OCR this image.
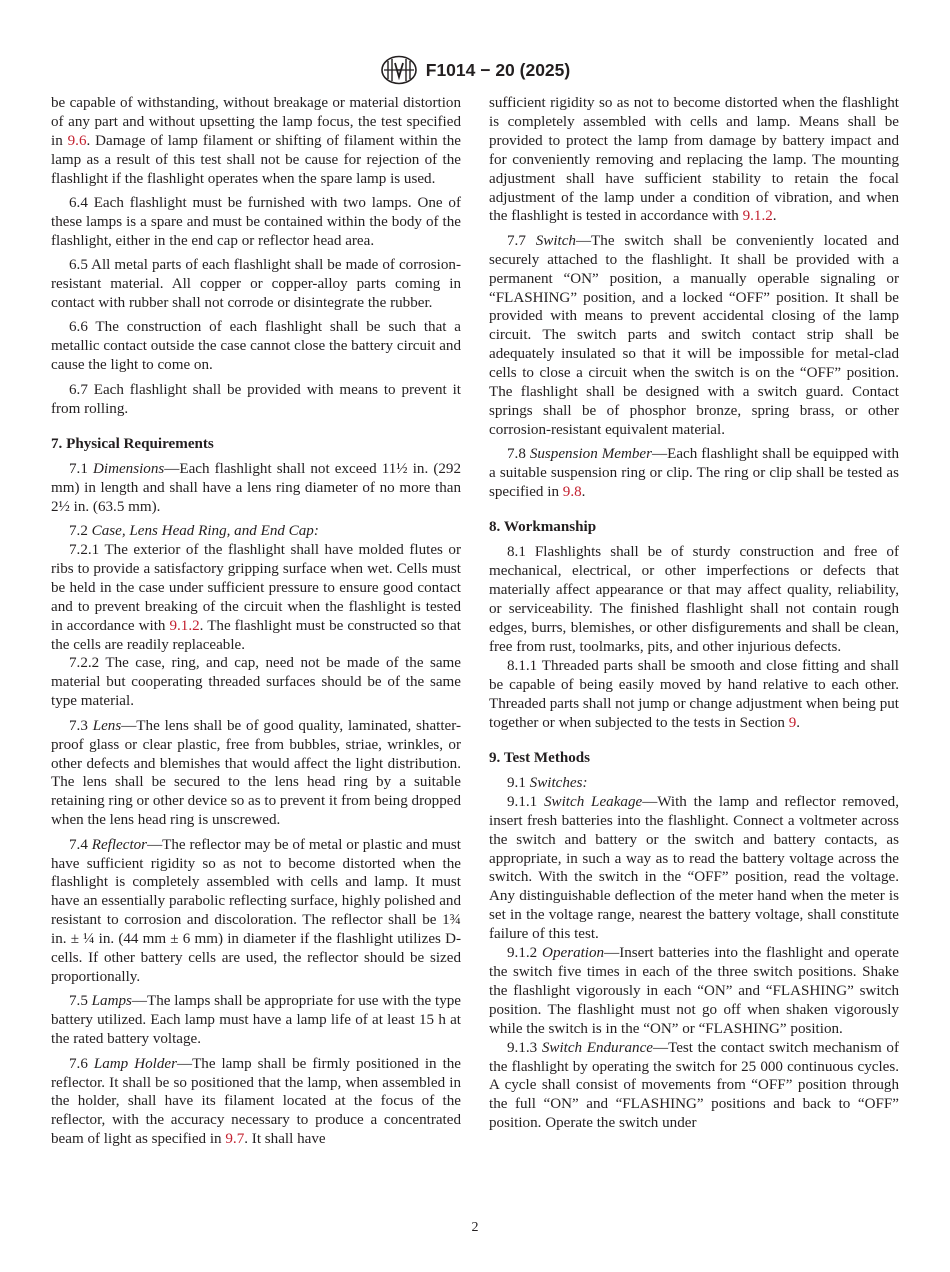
F1014 − 20 (2025)

be capable of withstanding, without breakage or material distortion of any part and without upsetting the lamp focus, the test specified in 9.6. Damage of lamp filament or shifting of filament within the lamp as a result of this test shall not be cause for rejection of the flashlight if the flashlight operates when the spare lamp is used.

6.4 Each flashlight must be furnished with two lamps. One of these lamps is a spare and must be contained within the body of the flashlight, either in the end cap or reflector head area.

6.5 All metal parts of each flashlight shall be made of corrosion-resistant material. All copper or copper-alloy parts coming in contact with rubber shall not corrode or disintegrate the rubber.

6.6 The construction of each flashlight shall be such that a metallic contact outside the case cannot close the battery circuit and cause the light to come on.

6.7 Each flashlight shall be provided with means to prevent it from rolling.

7. Physical Requirements

7.1 Dimensions—Each flashlight shall not exceed 11½ in. (292 mm) in length and shall have a lens ring diameter of no more than 2½ in. (63.5 mm).

7.2 Case, Lens Head Ring, and End Cap:

7.2.1 The exterior of the flashlight shall have molded flutes or ribs to provide a satisfactory gripping surface when wet. Cells must be held in the case under sufficient pressure to ensure good contact and to prevent breaking of the circuit when the flashlight is tested in accordance with 9.1.2. The flashlight must be constructed so that the cells are readily replaceable.

7.2.2 The case, ring, and cap, need not be made of the same material but cooperating threaded surfaces should be of the same type material.

7.3 Lens—The lens shall be of good quality, laminated, shatter-proof glass or clear plastic, free from bubbles, striae, wrinkles, or other defects and blemishes that would affect the light distribution. The lens shall be secured to the lens head ring by a suitable retaining ring or other device so as to prevent it from being dropped when the lens head ring is unscrewed.

7.4 Reflector—The reflector may be of metal or plastic and must have sufficient rigidity so as not to become distorted when the flashlight is completely assembled with cells and lamp. It must have an essentially parabolic reflecting surface, highly polished and resistant to corrosion and discoloration. The reflector shall be 1¾ in. ± ¼ in. (44 mm ± 6 mm) in diameter if the flashlight utilizes D-cells. If other battery cells are used, the reflector should be sized proportionally.

7.5 Lamps—The lamps shall be appropriate for use with the type battery utilized. Each lamp must have a lamp life of at least 15 h at the rated battery voltage.

7.6 Lamp Holder—The lamp shall be firmly positioned in the reflector. It shall be so positioned that the lamp, when assembled in the holder, shall have its filament located at the focus of the reflector, with the accuracy necessary to produce a concentrated beam of light as specified in 9.7. It shall have

sufficient rigidity so as not to become distorted when the flashlight is completely assembled with cells and lamp. Means shall be provided to protect the lamp from damage by battery impact and for conveniently removing and replacing the lamp. The mounting adjustment shall have sufficient stability to retain the focal adjustment of the lamp under a condition of vibration, and when the flashlight is tested in accordance with 9.1.2.

7.7 Switch—The switch shall be conveniently located and securely attached to the flashlight. It shall be provided with a permanent “ON” position, a manually operable signaling or “FLASHING” position, and a locked “OFF” position. It shall be provided with means to prevent accidental closing of the lamp circuit. The switch parts and switch contact strip shall be adequately insulated so that it will be impossible for metal-clad cells to close a circuit when the switch is on the “OFF” position. The flashlight shall be designed with a switch guard. Contact springs shall be of phosphor bronze, spring brass, or other corrosion-resistant equivalent material.

7.8 Suspension Member—Each flashlight shall be equipped with a suitable suspension ring or clip. The ring or clip shall be tested as specified in 9.8.

8. Workmanship

8.1 Flashlights shall be of sturdy construction and free of mechanical, electrical, or other imperfections or defects that materially affect appearance or that may affect quality, reliability, or serviceability. The finished flashlight shall not contain rough edges, burrs, blemishes, or other disfigurements and shall be clean, free from rust, toolmarks, pits, and other injurious defects.

8.1.1 Threaded parts shall be smooth and close fitting and shall be capable of being easily moved by hand relative to each other. Threaded parts shall not jump or change adjustment when being put together or when subjected to the tests in Section 9.

9. Test Methods

9.1 Switches:

9.1.1 Switch Leakage—With the lamp and reflector removed, insert fresh batteries into the flashlight. Connect a voltmeter across the switch and battery or the switch and battery contacts, as appropriate, in such a way as to read the battery voltage across the switch. With the switch in the “OFF” position, read the voltage. Any distinguishable deflection of the meter hand when the meter is set in the voltage range, nearest the battery voltage, shall constitute failure of this test.

9.1.2 Operation—Insert batteries into the flashlight and operate the switch five times in each of the three switch positions. Shake the flashlight vigorously in each “ON” and “FLASHING” switch position. The flashlight must not go off when shaken vigorously while the switch is in the “ON” or “FLASHING” position.

9.1.3 Switch Endurance—Test the contact switch mechanism of the flashlight by operating the switch for 25 000 continuous cycles. A cycle shall consist of movements from “OFF” position through the full “ON” and “FLASHING” positions and back to “OFF” position. Operate the switch under

2
